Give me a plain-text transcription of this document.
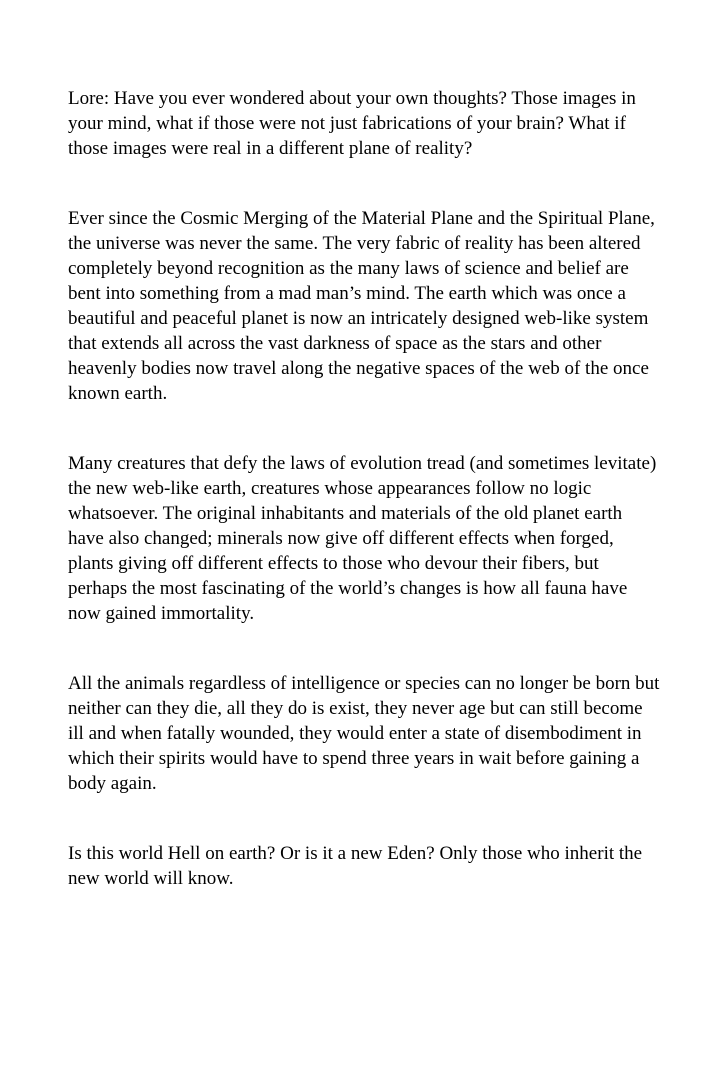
Lore: Have you ever wondered about your own thoughts? Those images in your mind, what if those were not just fabrications of your brain? What if those images were real in a different plane of reality?

Ever since the Cosmic Merging of the Material Plane and the Spiritual Plane, the universe was never the same. The very fabric of reality has been altered completely beyond recognition as the many laws of science and belief are bent into something from a mad man’s mind. The earth which was once a beautiful and peaceful planet is now an intricately designed web-like system that extends all across the vast darkness of space as the stars and other heavenly bodies now travel along the negative spaces of the web of the once known earth.

Many creatures that defy the laws of evolution tread (and sometimes levitate) the new web-like earth, creatures whose appearances follow no logic whatsoever. The original inhabitants and materials of the old planet earth have also changed; minerals now give off different effects when forged, plants giving off different effects to those who devour their fibers, but perhaps the most fascinating of the world’s changes is how all fauna have now gained immortality.

All the animals regardless of intelligence or species can no longer be born but neither can they die, all they do is exist, they never age but can still become ill and when fatally wounded, they would enter a state of disembodiment in which their spirits would have to spend three years in wait before gaining a body again.

Is this world Hell on earth? Or is it a new Eden? Only those who inherit the new world will know.
